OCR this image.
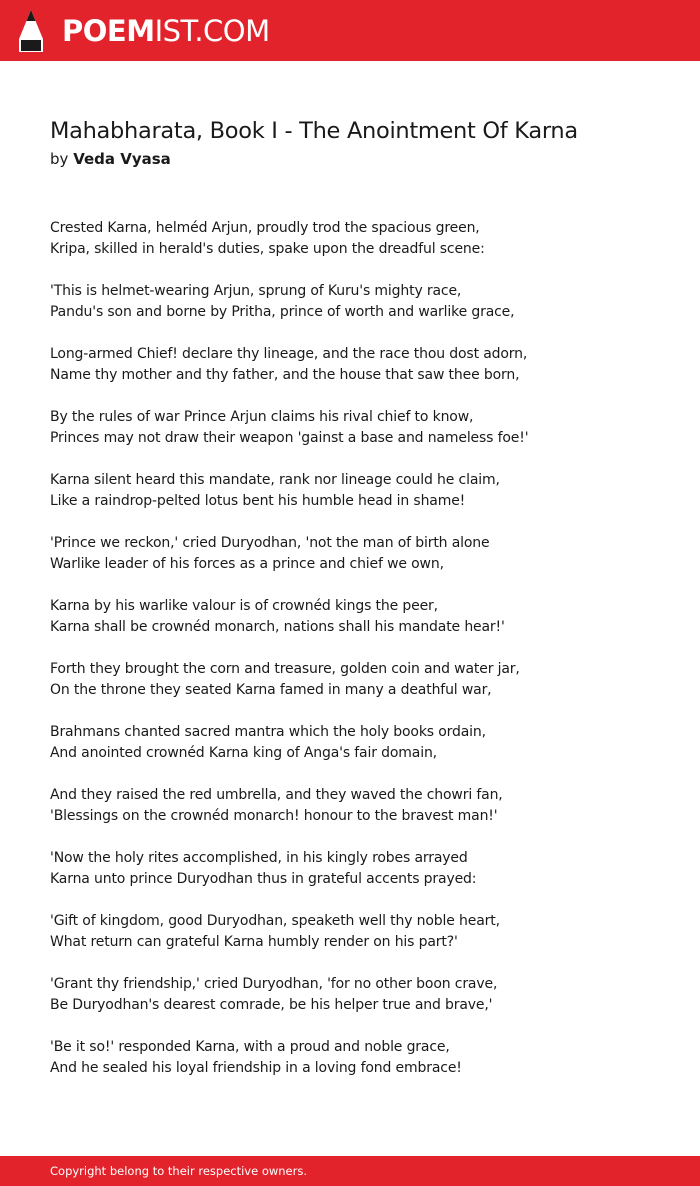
POEMIST.COM
Mahabharata, Book I - The Anointment Of Karna
by Veda Vyasa
Crested Karna, helméd Arjun, proudly trod the spacious green,
Kripa, skilled in herald's duties, spake upon the dreadful scene:
'This is helmet-wearing Arjun, sprung of Kuru's mighty race,
Pandu's son and borne by Pritha, prince of worth and warlike grace,
Long-armed Chief! declare thy lineage, and the race thou dost adorn,
Name thy mother and thy father, and the house that saw thee born,
By the rules of war Prince Arjun claims his rival chief to know,
Princes may not draw their weapon 'gainst a base and nameless foe!'
Karna silent heard this mandate, rank nor lineage could he claim,
Like a raindrop-pelted lotus bent his humble head in shame!
'Prince we reckon,' cried Duryodhan, 'not the man of birth alone
Warlike leader of his forces as a prince and chief we own,
Karna by his warlike valour is of crownéd kings the peer,
Karna shall be crownéd monarch, nations shall his mandate hear!'
Forth they brought the corn and treasure, golden coin and water jar,
On the throne they seated Karna famed in many a deathful war,
Brahmans chanted sacred mantra which the holy books ordain,
And anointed crownéd Karna king of Anga's fair domain,
And they raised the red umbrella, and they waved the chowri fan,
'Blessings on the crownéd monarch! honour to the bravest man!'
'Now the holy rites accomplished, in his kingly robes arrayed
Karna unto prince Duryodhan thus in grateful accents prayed:
'Gift of kingdom, good Duryodhan, speaketh well thy noble heart,
What return can grateful Karna humbly render on his part?'
'Grant thy friendship,' cried Duryodhan, 'for no other boon crave,
Be Duryodhan's dearest comrade, be his helper true and brave,'
'Be it so!' responded Karna, with a proud and noble grace,
And he sealed his loyal friendship in a loving fond embrace!
Copyright belong to their respective owners.
